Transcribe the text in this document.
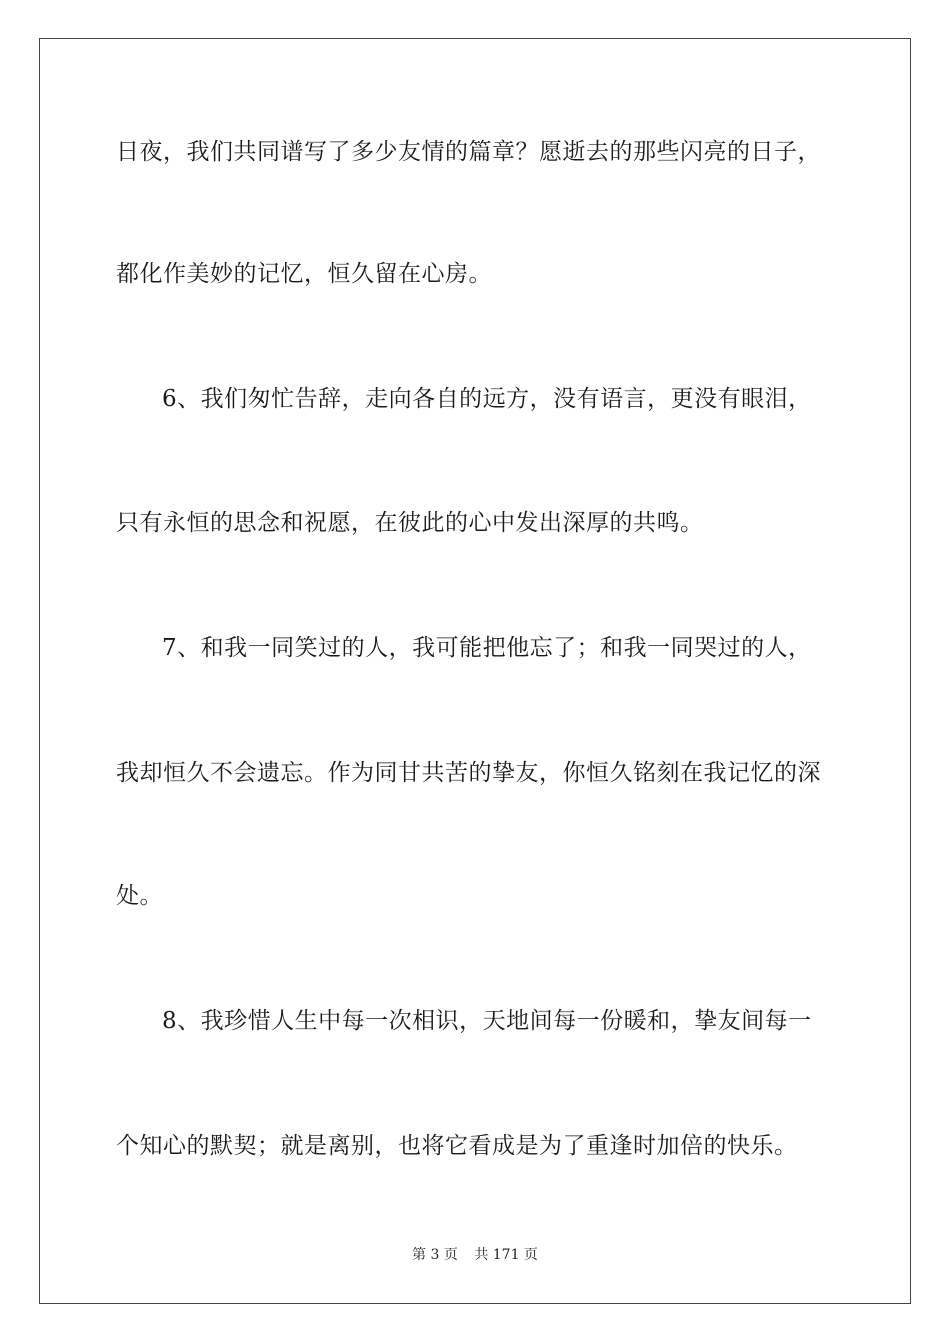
日夜，我们共同谱写了多少友情的篇章？愿逝去的那些闪亮的日子，
都化作美妙的记忆，恒久留在心房。
6、我们匆忙告辞，走向各自的远方，没有语言，更没有眼泪，
只有永恒的思念和祝愿，在彼此的心中发出深厚的共鸣。
7、和我一同笑过的人，我可能把他忘了；和我一同哭过的人，
我却恒久不会遗忘。作为同甘共苦的挚友，你恒久铭刻在我记忆的深
处。
8、我珍惜人生中每一次相识，天地间每一份暖和，挚友间每一
个知心的默契；就是离别，也将它看成是为了重逢时加倍的快乐。
第 3 页 共 171 页
